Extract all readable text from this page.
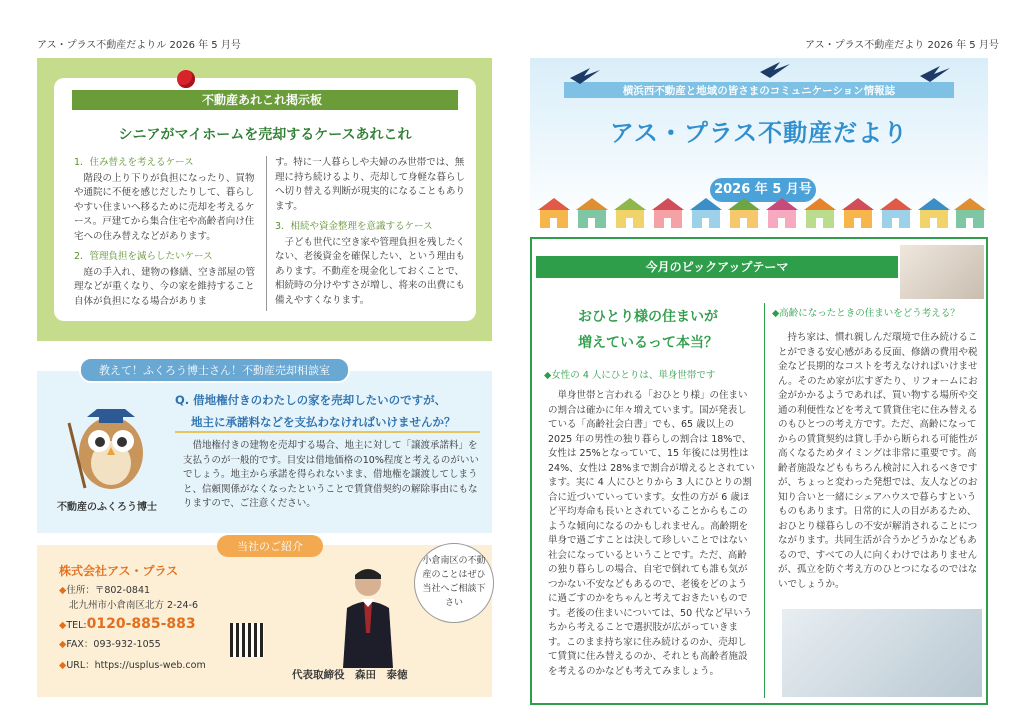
アス・プラス不動産だよりル 2026 年 5 月号	アス・プラス不動産だより 2026 年 5 月号
不動産あれこれ掲示板
シニアがマイホームを売却するケースあれこれ
1．住み替えを考えるケース

階段の上り下りが負担になったり、買物や通院に不便を感じだしたりして、暮らしやすい住まいへ移るために売却を考えるケース。戸建てから集合住宅や高齢者向け住宅への住み替えなどがあります。

2．管理負担を減らしたいケース

庭の手入れ、建物の修繕、空き部屋の管理などが重くなり、今の家を維持すること自体が負担になる場合がありま

す。特に一人暮らしや夫婦のみ世帯では、無理に持ち続けるより、売却して身軽な暮らしへ切り替える判断が現実的になることもあります。

3．相続や資金整理を意識するケース

子ども世代に空き家や管理負担を残したくない、老後資金を確保したい、という理由もあります。不動産を現金化しておくことで、相続時の分けやすさが増し、将来の出費にも備えやすくなります。

教えて！ふくろう博士さん！不動産売却相談室
不動産のふくろう博士
Q. 借地権付きのわたしの家を売却したいのですが、
地主に承諾料などを支払わなければいけませんか？
借地権付きの建物を売却する場合、地主に対して「譲渡承諾料」を支払うのが一般的です。目安は借地価格の10%程度と考えるのがいいでしょう。地主から承諾を得られないまま、借地権を譲渡してしまうと、信頼関係がなくなったということで賃貸借契約の解除事由にもなりますので、ご注意ください。
当社のご紹介
株式会社アス・プラス
◆住所：〒802-0841
北九州市小倉南区北方 2-24-6
◆TEL:0120-885-883
◆FAX：093-932-1055
◆URL：https://usplus-web.com
代表取締役　森田　泰徳
小倉南区の不動産のことはぜひ当社へご相談下さい
横浜西不動産と地域の皆さまのコミュニケーション情報誌
アス・プラス不動産だより
2026 年 5 月号
今月のピックアップテーマ
おひとり様の住まいが
増えているって本当？
◆女性の 4 人にひとりは、単身世帯です
単身世帯と言われる「おひとり様」の住まいの割合は確かに年々増えています。国が発表している「高齢社会白書」でも、65 歳以上の 2025 年の男性の独り暮らしの割合は 18%で、女性は 25%となっていて、15 年後には男性は 24%、女性は 28%まで割合が増えるとされています。実に 4 人にひとりから 3 人にひとりの割合に近づいていっています。女性の方が 6 歳ほど平均寿命も長いとされていることからもこのような傾向になるのかもしれません。高齢期を単身で過ごすことは決して珍しいことではない社会になっているということです。ただ、高齢の独り暮らしの場合、自宅で倒れても誰も気がつかない不安などもあるので、老後をどのように過ごすのかをちゃんと考えておきたいものです。老後の住まいについては、50 代など早いうちから考えることで選択肢が広がっていきます。このまま持ち家に住み続けるのか、売却して賃貸に住み替えるのか、それとも高齢者施設を考えるのかなども考えてみましょう。
◆高齢になったときの住まいをどう考える？
持ち家は、慣れ親しんだ環境で住み続けることができる安心感がある反面、修繕の費用や税金など長期的なコストを考えなければいけません。そのため家が広すぎたり、リフォームにお金がかかるようであれば、買い物する場所や交通の利便性などを考えて賃貸住宅に住み替えるのもひとつの考え方です。ただ、高齢になってからの賃貸契約は貸し手から断られる可能性が高くなるためタイミングは非常に重要です。高齢者施設などももちろん検討に入れるべきですが、ちょっと変わった発想では、友人などのお知り合いと一緒にシェアハウスで暮らすというものもあります。日常的に人の目があるため、おひとり様暮らしの不安が解消されることにつながります。共同生活が合うかどうかなどもあるので、すべての人に向くわけではありませんが、孤立を防ぐ考え方のひとつになるのではないでしょうか。
